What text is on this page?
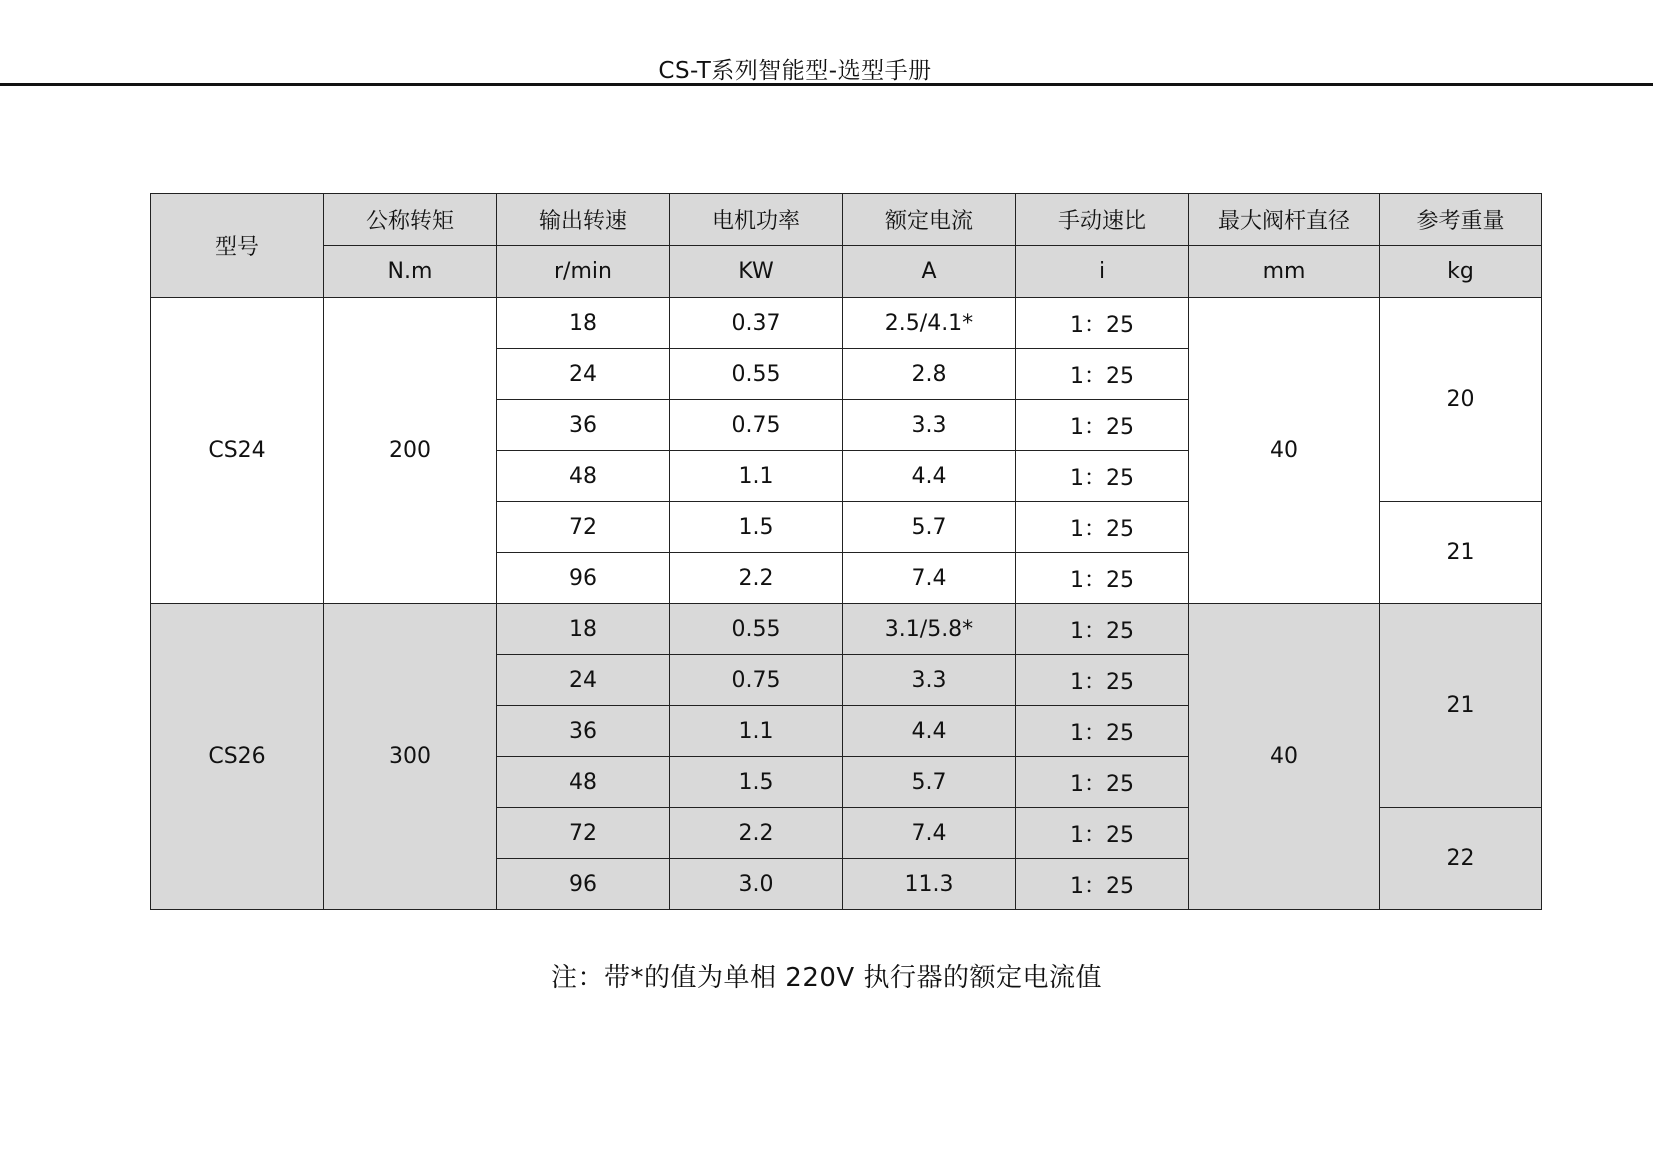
CS-T系列智能型-选型手册
型号	公称转矩	输出转速	电机功率	额定电流	手动速比	最大阀杆直径	参考重量
	N.m	r/min	KW	A	i	mm	kg
CS24	200	18	0.37	2.5/4.1*	1：25	40	20
		24	0.55	2.8	1：25		
		36	0.75	3.3	1：25		
		48	1.1	4.4	1：25		
		72	1.5	5.7	1：25		21
		96	2.2	7.4	1：25		
CS26	300	18	0.55	3.1/5.8*	1：25	40	21
		24	0.75	3.3	1：25		
		36	1.1	4.4	1：25		
		48	1.5	5.7	1：25		
		72	2.2	7.4	1：25		22
		96	3.0	11.3	1：25		
注：带*的值为单相 220V 执行器的额定电流值
